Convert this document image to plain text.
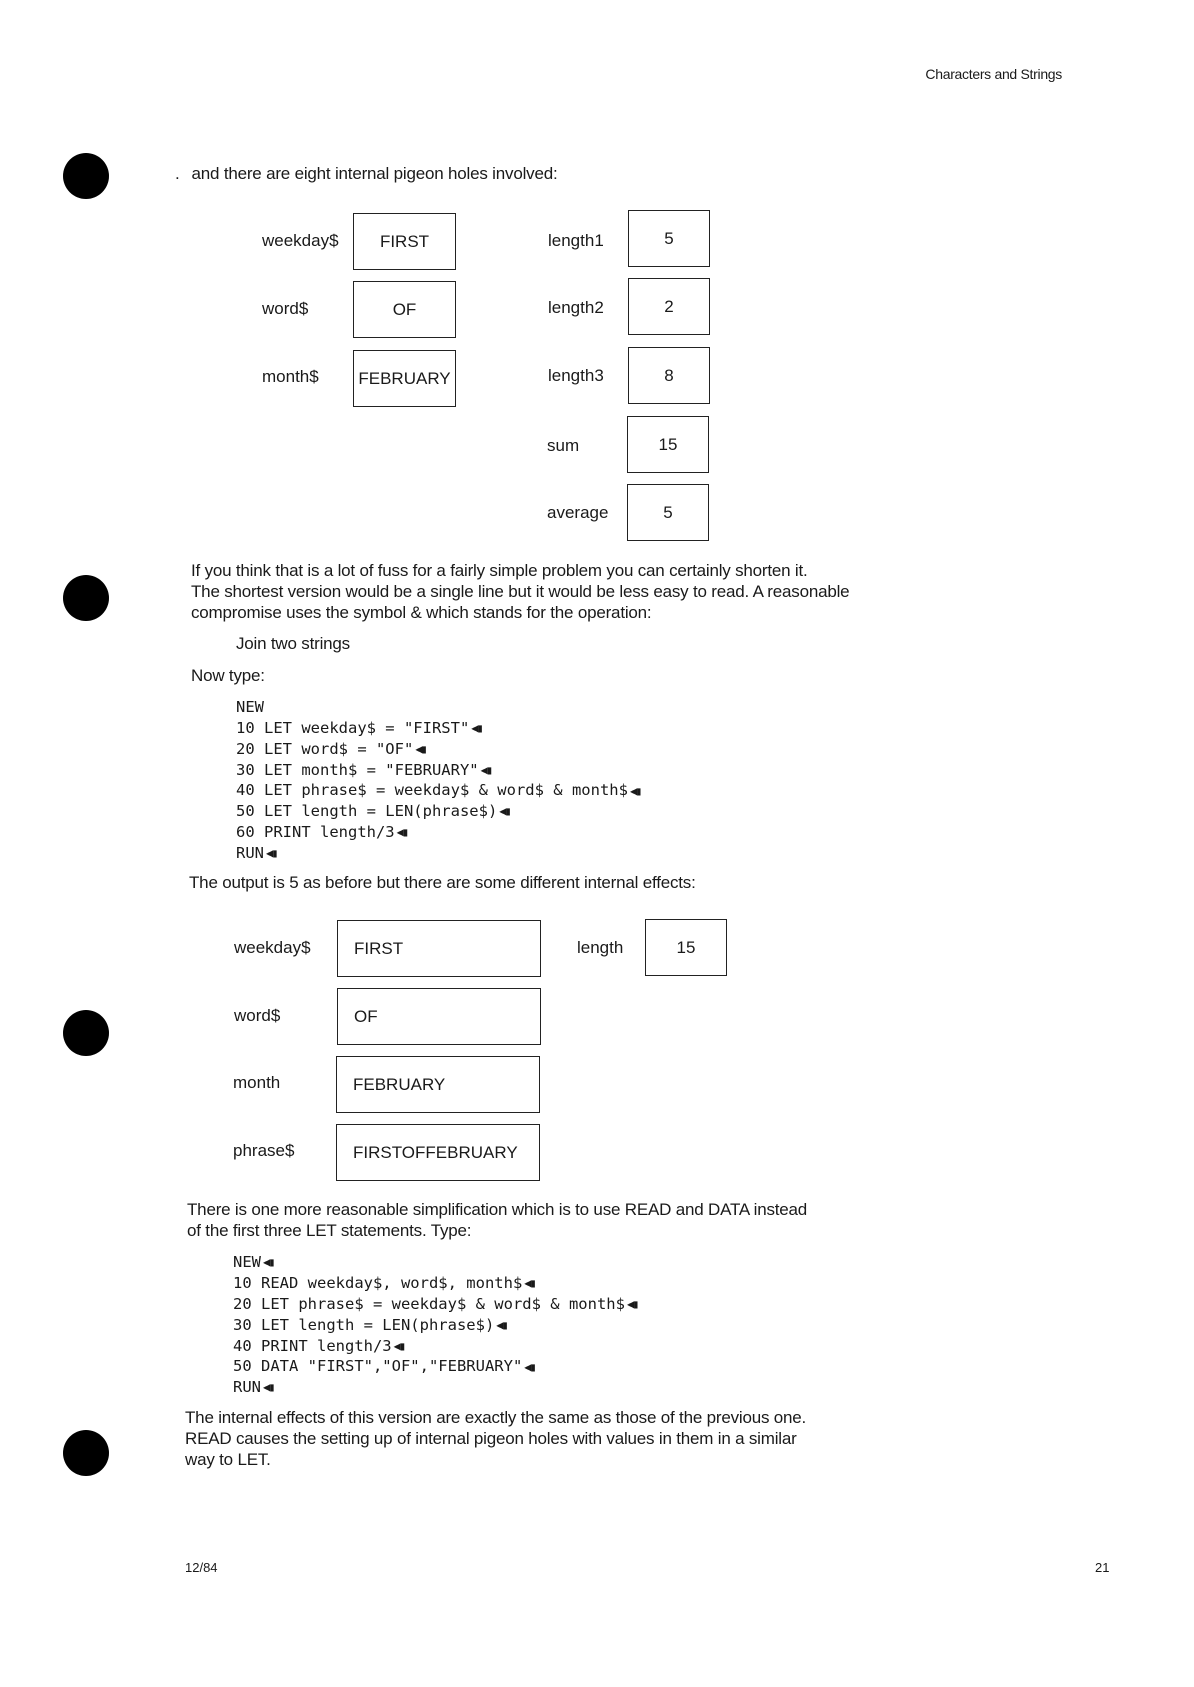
Characters and Strings
. and there are eight internal pigeon holes involved:
weekday$	FIRST
word$	OF
month$	FEBRUARY
length1	5
length2	2
length3	8
sum	15
average	5

If you think that is a lot of fuss for a fairly simple problem you can certainly shorten it.

The shortest version would be a single line but it would be less easy to read. A reasonable

compromise uses the symbol & which stands for the operation:

Join two strings
Now type:
NEW
10 LET weekday$ = "FIRST" ◀▮
20 LET word$ = "OF" ◀▮
30 LET month$ = "FEBRUARY" ◀▮
40 LET phrase$ = weekday$ & word$ & month$ ◀▮
50 LET length = LEN(phrase$) ◀▮
60 PRINT length/3 ◀▮
RUN ◀▮
The output is 5 as before but there are some different internal effects:
weekday$	FIRST
word$	OF
month	FEBRUARY
phrase$	FIRSTOFFEBRUARY
length	15

There is one more reasonable simplification which is to use READ and DATA instead

of the first three LET statements. Type:

NEW ◀▮
10 READ weekday$, word$, month$ ◀▮
20 LET phrase$ = weekday$ & word$ & month$ ◀▮
30 LET length = LEN(phrase$) ◀▮
40 PRINT length/3 ◀▮
50 DATA "FIRST","OF","FEBRUARY" ◀▮
RUN ◀▮

The internal effects of this version are exactly the same as those of the previous one.

READ causes the setting up of internal pigeon holes with values in them in a similar

way to LET.

12/84	21
